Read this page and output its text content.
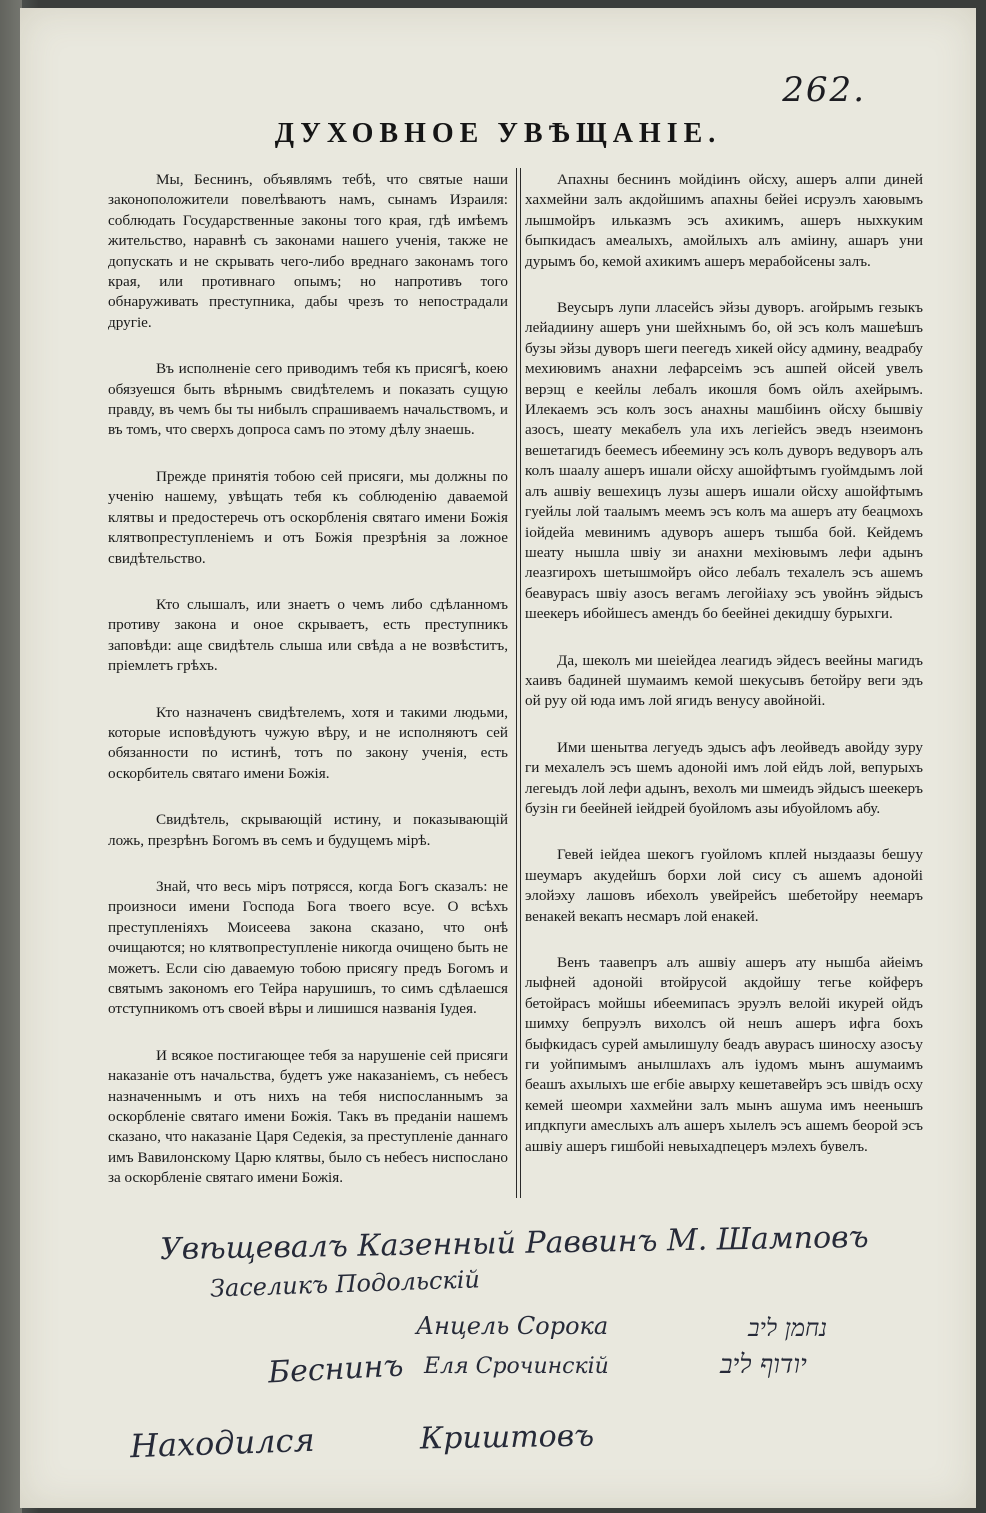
262.
ДУХОВНОЕ УВѢЩАНІЕ.

Мы, Беснинъ, объявлямъ тебѣ, что святые наши законоположители повелѣваютъ намъ, сынамъ Израиля: соблюдать Государственные законы того края, гдѣ имѣемъ жительство, наравнѣ съ законами нашего ученія, также не допускать и не скрывать чего-либо вреднаго законамъ того края, или противнаго опымъ; но напротивъ того обнаруживать преступника, дабы чрезъ то непострадали другіе.

Въ исполненіе сего приводимъ тебя къ присягѣ, коею обязуешся быть вѣрнымъ свидѣтелемъ и показать сущую правду, въ чемъ бы ты нибылъ спрашиваемъ начальствомъ, и въ томъ, что сверхъ допроса самъ по этому дѣлу знаешь.

Прежде принятія тобою сей присяги, мы должны по ученію нашему, увѣщать тебя къ соблюденію даваемой клятвы и предостеречь отъ оскорбленія святаго имени Божія клятвопреступленіемъ и отъ Божія презрѣнія за ложное свидѣтельство.

Кто слышалъ, или знаетъ о чемъ либо сдѣланномъ противу закона и оное скрываетъ, есть преступникъ заповѣди: аще свидѣтель слыша или свѣда а не возвѣститъ, пріемлетъ грѣхъ.

Кто назначенъ свидѣтелемъ, хотя и такими людьми, которые исповѣдуютъ чужую вѣру, и не исполняютъ сей обязанности по истинѣ, тотъ по закону ученія, есть оскорбитель святаго имени Божія.

Свидѣтель, скрывающій истину, и показывающій ложь, презрѣнъ Богомъ въ семъ и будущемъ мірѣ.

Знай, что весь міръ потрясся, когда Богъ сказалъ: не произноси имени Господа Бога твоего всуе. О всѣхъ преступленіяхъ Моисеева закона сказано, что онѣ очищаются; но клятвопреступленіе никогда очищено быть не можетъ. Если сію даваемую тобою присягу предъ Богомъ и святымъ закономъ его Тейра нарушишъ, то симъ сдѣлаешся отступникомъ отъ своей вѣры и лишишся названія Іудея.

И всякое постигающее тебя за нарушеніе сей присяги наказаніе отъ начальства, будетъ уже наказаніемъ, съ небесъ назначеннымъ и отъ нихъ на тебя ниспосланнымъ за оскорбленіе святаго имени Божія. Такъ въ преданіи нашемъ сказано, что наказаніе Царя Седекія, за преступленіе даннаго имъ Вавилонскому Царю клятвы, было съ небесъ ниспослано за оскорбленіе святаго имени Божія.

Апахны беснинъ мойдіинъ ойсху, ашеръ алпи диней хахмейни залъ акдойшимъ апахны бейеі исруэлъ хаювымъ лышмойръ ильказмъ эсъ ахикимъ, ашеръ ныхкуким быпкидасъ амеалыхъ, амойлыхъ алъ аміину, ашаръ уни дурымъ бо, кемой ахикимъ ашеръ мерабойсены залъ.

Веусыръ лупи лласейсъ эйзы дуворъ. агойрымъ гезыкъ лейадиину ашеръ уни шейхнымъ бо, ой эсъ колъ машеѣшъ бузы эйзы дуворъ шеги пеегедъ хикей ойсу админу, веадрабу мехиювимъ анахни лефарсеімъ эсъ ашпей ойсей увелъ верэщ е кеейлы лебалъ икошля бомъ ойлъ ахейрымъ. Илекаемъ эсъ колъ зосъ анахны машбіинъ ойсху бышвіу азосъ, шеату мекабелъ ула ихъ легіейсъ эведъ нзеимонъ вешетагидъ беемесъ ибеемину эсъ колъ дуворъ ведуворъ алъ колъ шаалу ашеръ ишали ойсху ашойфтымъ гуоймдымъ лой алъ ашвіу вешехицъ лузы ашеръ ишали ойсху ашойфтымъ гуейлы лой таалымъ меемъ эсъ колъ ма ашеръ ату беацмохъ іойдейа мевинимъ адуворъ ашеръ тышба бой. Кейдемъ шеату нышла швіу зи анахни мехіювымъ лефи адынъ леазгирохъ шетышмойръ ойсо лебалъ техалелъ эсъ ашемъ беавурасъ швіу азосъ вегамъ легойіаху эсъ увойнъ эйдысъ шеекеръ ибойшесъ амендъ бо беейнеі декидшу бурыхги.

Да, шеколъ ми шеіейдеа леагидъ эйдесъ веейны магидъ хаивъ бадиней шумаимъ кемой шекусывъ бетойру веги эдъ ой руу ой юда имъ лой ягидъ венусу авойнойі.

Ими шенытва легуедъ эдысъ афъ леойведъ авойду зуру ги мехалелъ эсъ шемъ адонойі имъ лой ейдъ лой, вепурыхъ легеыдъ лой лефи адынъ, вехолъ ми шмеидъ эйдысъ шеекеръ бузін ги беейней іейдрей буойломъ азы ибуойломъ абу.

Гевей іейдеа шекогъ гуойломъ кплей ныздаазы бешуу шеумаръ акудейшъ борхи лой сису съ ашемъ адонойі элойэху лашовъ ибехолъ увейрейсъ шебетойру неемаръ венакей векапъ несмаръ лой енакей.

Венъ таавепръ алъ ашвіу ашеръ ату нышба айеімъ лыфней адонойі втойрусой акдойшу тегье койферъ бетойрасъ мойшы ибеемипасъ эруэлъ велойі икурей ойдъ шимху бепруэлъ вихолсъ ой нешъ ашеръ ифга бохъ быфкидасъ сурей амылишулу беадъ авурасъ шиносху азосъу ги уойпимымъ анылшлахъ алъ іудомъ мынъ ашумаимъ беашъ ахылыхъ ше егбіе авырху кешетавейръ эсъ швідъ осху кемей шеомри хахмейни залъ мынъ ашума имъ неенышъ ипдкпуги амеслыхъ алъ ашеръ хылелъ эсъ ашемъ беорой эсъ ашвіу ашеръ гишбойі невыхадпецеръ мэлехъ бувелъ.

Увѣщевалъ Казенный Раввинъ М. Шамповъ
Заселикъ Подольскій
Анцель Сорока	נחמן ליב
Беснинъ Еля Срочинскій	יודוף ליב
Находился	Криштовъ
